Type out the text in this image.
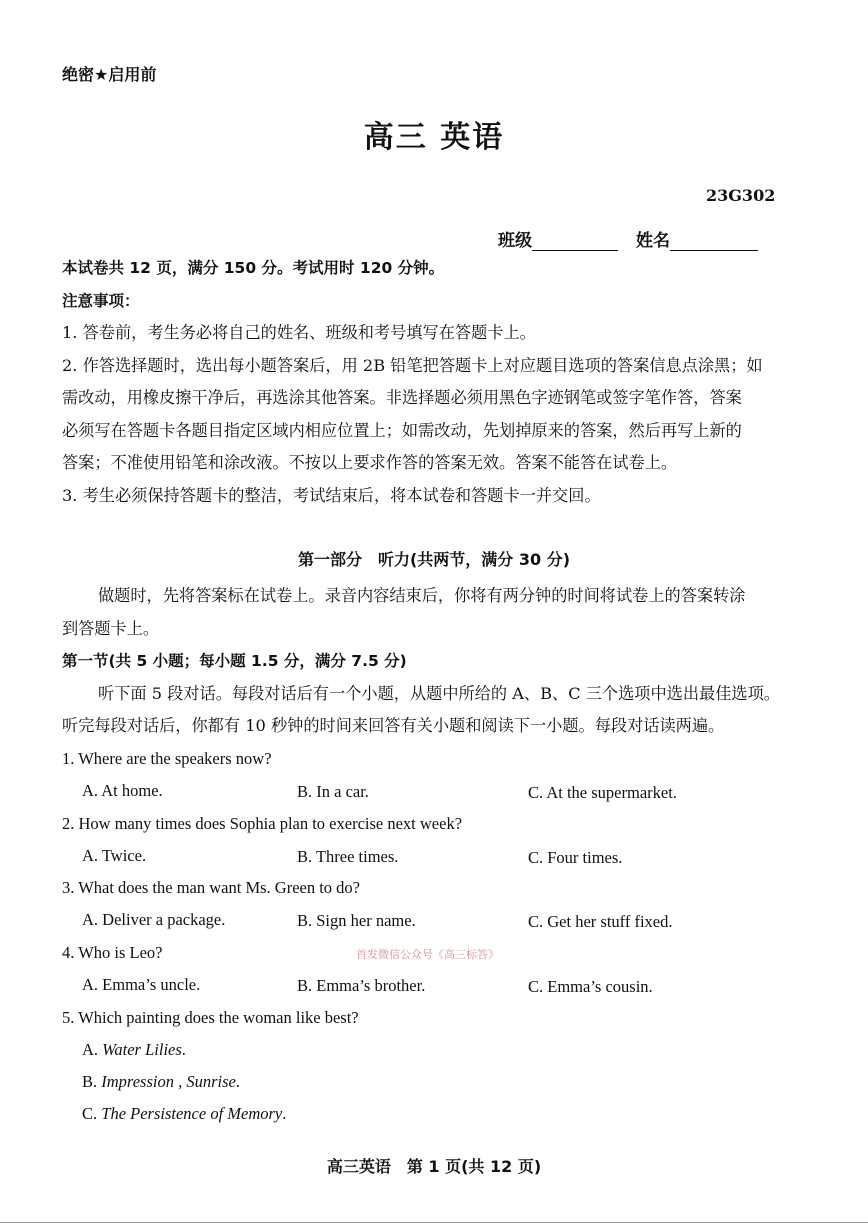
绝密★启用前
高三 英语
23G302
班级	姓名
本试卷共 12 页，满分 150 分。考试用时 120 分钟。
注意事项：
1. 答卷前，考生务必将自己的姓名、班级和考号填写在答题卡上。
2. 作答选择题时，选出每小题答案后，用 2B 铅笔把答题卡上对应题目选项的答案信息点涂黑；如
需改动，用橡皮擦干净后，再选涂其他答案。非选择题必须用黑色字迹钢笔或签字笔作答，答案
必须写在答题卡各题目指定区域内相应位置上；如需改动，先划掉原来的答案，然后再写上新的
答案；不准使用铅笔和涂改液。不按以上要求作答的答案无效。答案不能答在试卷上。
3. 考生必须保持答题卡的整洁，考试结束后，将本试卷和答题卡一并交回。
第一部分　听力(共两节，满分 30 分)
做题时，先将答案标在试卷上。录音内容结束后，你将有两分钟的时间将试卷上的答案转涂
到答题卡上。
第一节(共 5 小题；每小题 1.5 分，满分 7.5 分)
听下面 5 段对话。每段对话后有一个小题，从题中所给的 A、B、C 三个选项中选出最佳选项。
听完每段对话后，你都有 10 秒钟的时间来回答有关小题和阅读下一小题。每段对话读两遍。
1. Where are the speakers now?
A. At home.	B. In a car.	C. At the supermarket.
2. How many times does Sophia plan to exercise next week?
A. Twice.	B. Three times.	C. Four times.
3. What does the man want Ms. Green to do?
A. Deliver a package.	B. Sign her name.	C. Get her stuff fixed.
4. Who is Leo?	首发微信公众号《高三标答》
A. Emma’s uncle.	B. Emma’s brother.	C. Emma’s cousin.
5. Which painting does the woman like best?
A. Water Lilies.
B. Impression , Sunrise.
C. The Persistence of Memory.
高三英语　第 1 页(共 12 页)
